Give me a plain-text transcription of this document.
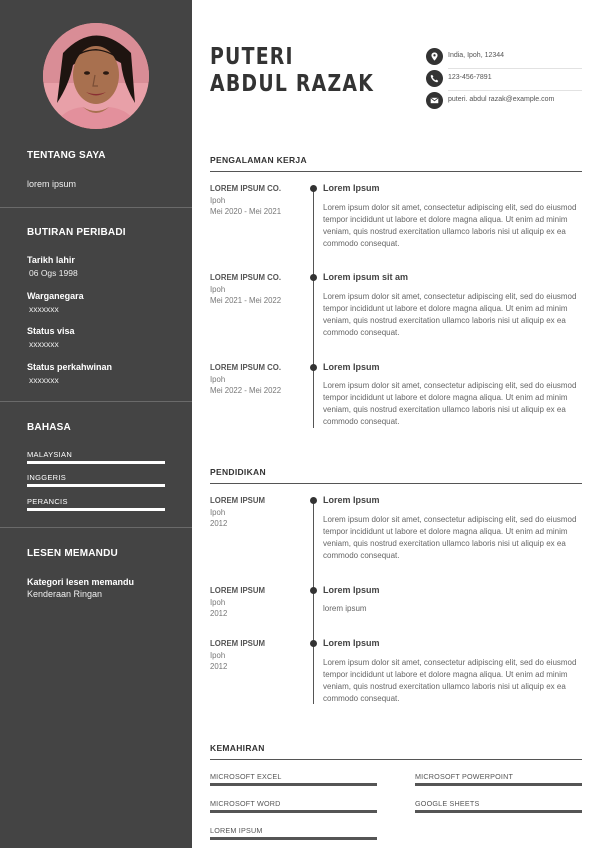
TENTANG SAYA
lorem ipsum
BUTIRAN PERIBADI
Tarikh lahir
06 Ogs 1998
Warganegara
xxxxxxx
Status visa
xxxxxxx
Status perkahwinan
xxxxxxx
BAHASA
MALAYSIAN
INGGERIS
PERANCIS
LESEN MEMANDU
Kategori lesen memandu
Kenderaan Ringan
PUTERI
ABDUL RAZAK
India, Ipoh, 12344
123-456-7891
puteri. abdul razak@example.com
PENGALAMAN KERJA
LOREM IPSUM CO.
Ipoh
Mei 2020 - Mei 2021
Lorem Ipsum
Lorem ipsum dolor sit amet, consectetur adipiscing elit, sed do eiusmod tempor incididunt ut labore et dolore magna aliqua. Ut enim ad minim veniam, quis nostrud exercitation ullamco laboris nisi ut aliquip ex ea commodo consequat.
LOREM IPSUM CO.
Ipoh
Mei 2021 - Mei 2022
Lorem ipsum sit am
Lorem ipsum dolor sit amet, consectetur adipiscing elit, sed do eiusmod tempor incididunt ut labore et dolore magna aliqua. Ut enim ad minim veniam, quis nostrud exercitation ullamco laboris nisi ut aliquip ex ea commodo consequat.
LOREM IPSUM CO.
Ipoh
Mei 2022 - Mei 2022
Lorem Ipsum
Lorem ipsum dolor sit amet, consectetur adipiscing elit, sed do eiusmod tempor incididunt ut labore et dolore magna aliqua. Ut enim ad minim veniam, quis nostrud exercitation ullamco laboris nisi ut aliquip ex ea commodo consequat.
PENDIDIKAN
LOREM IPSUM
Ipoh
2012
Lorem Ipsum
Lorem ipsum dolor sit amet, consectetur adipiscing elit, sed do eiusmod tempor incididunt ut labore et dolore magna aliqua. Ut enim ad minim veniam, quis nostrud exercitation ullamco laboris nisi ut aliquip ex ea commodo consequat.
LOREM IPSUM
Ipoh
2012
Lorem Ipsum
lorem ipsum
LOREM IPSUM
Ipoh
2012
Lorem Ipsum
Lorem ipsum dolor sit amet, consectetur adipiscing elit, sed do eiusmod tempor incididunt ut labore et dolore magna aliqua. Ut enim ad minim veniam, quis nostrud exercitation ullamco laboris nisi ut aliquip ex ea commodo consequat.
KEMAHIRAN
MICROSOFT EXCEL	MICROSOFT POWERPOINT
MICROSOFT WORD	GOOGLE SHEETS
LOREM IPSUM
